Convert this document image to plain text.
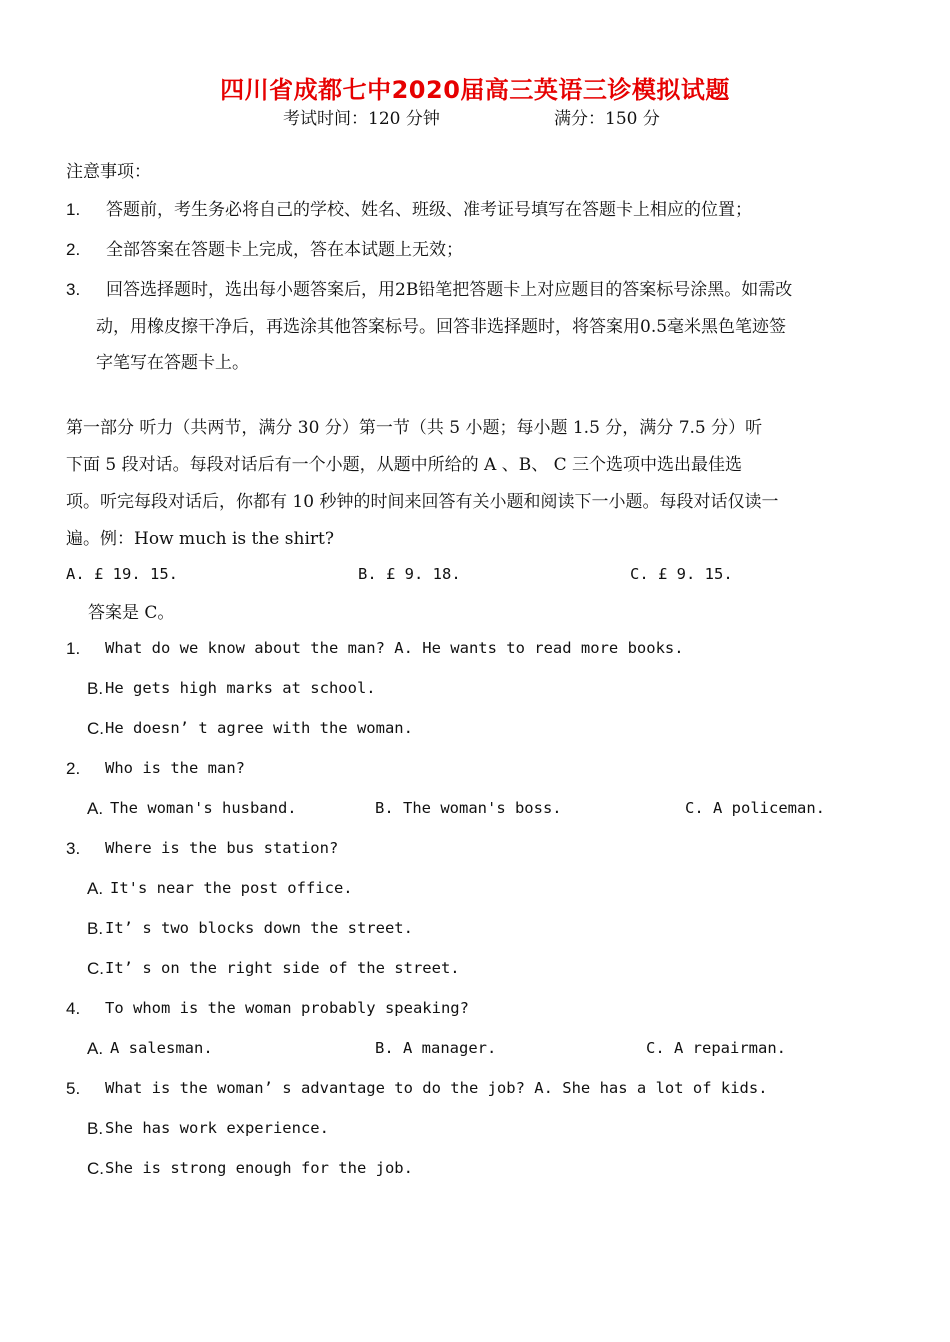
四川省成都七中2020届高三英语三诊模拟试题
考试时间：120 分钟	满分：150 分
注意事项：
1. 答题前，考生务必将自己的学校、姓名、班级、准考证号填写在答题卡上相应的位置；
2. 全部答案在答题卡上完成，答在本试题上无效；
3. 回答选择题时，选出每小题答案后，用2B铅笔把答题卡上对应题目的答案标号涂黑。如需改
动，用橡皮擦干净后，再选涂其他答案标号。回答非选择题时，将答案用0.5毫米黑色笔迹签
字笔写在答题卡上。
第一部分 听力（共两节，满分 30 分）第一节（共 5 小题；每小题 1.5 分，满分 7.5 分）听
下面 5 段对话。每段对话后有一个小题，从题中所给的 A 、B、 C 三个选项中选出最佳选
项。听完每段对话后，你都有 10 秒钟的时间来回答有关小题和阅读下一小题。每段对话仅读一
遍。例：How much is the shirt?
A. £ 19. 15.	B. £ 9. 18.	C. £ 9. 15.
答案是 C。
1. What do we know about the man? A. He wants to read more books.
B. He gets high marks at school.
C. He doesn’ t agree with the woman.
2. Who is the man?
A. The woman's husband.	B. The woman's boss.	C. A policeman.
3. Where is the bus station?
A. It's near the post office.
B. It’ s two blocks down the street.
C. It’ s on the right side of the street.
4. To whom is the woman probably speaking?
A. A salesman.	B. A manager.	C. A repairman.
5. What is the woman’ s advantage to do the job? A. She has a lot of kids.
B. She has work experience.
C. She is strong enough for the job.
